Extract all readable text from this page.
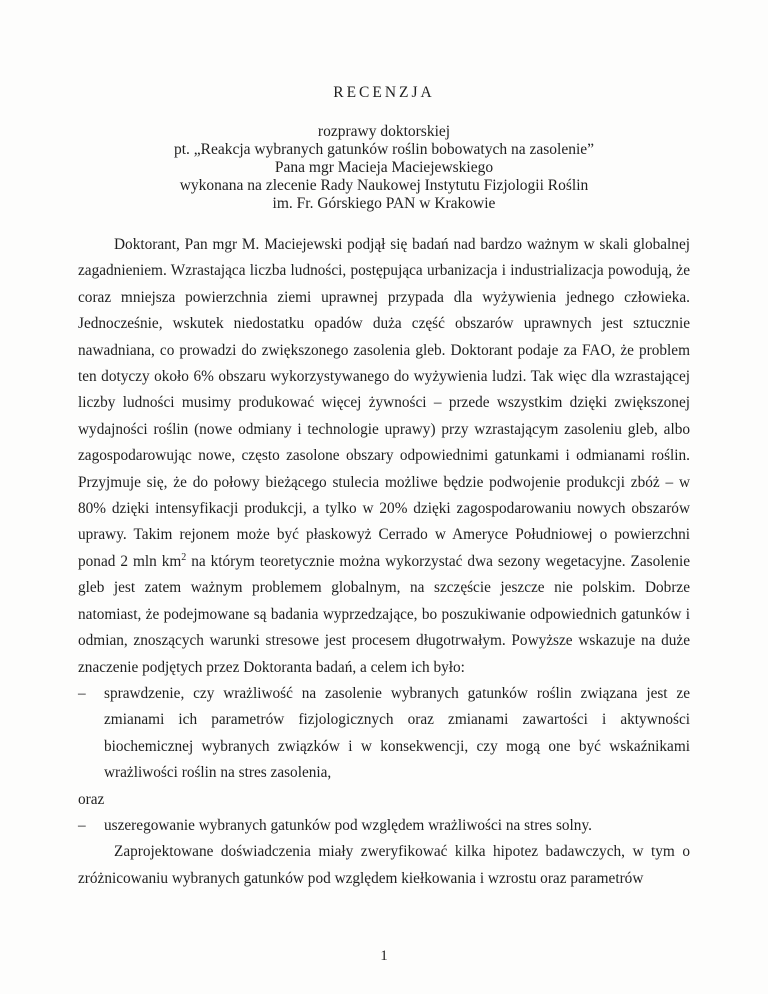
RECENZJA
rozprawy doktorskiej
pt. „Reakcja wybranych gatunków roślin bobowatych na zasolenie”
Pana mgr Macieja Maciejewskiego
wykonana na zlecenie Rady Naukowej Instytutu Fizjologii Roślin
im. Fr. Górskiego PAN w Krakowie

Doktorant, Pan mgr M. Maciejewski podjął się badań nad bardzo ważnym w skali globalnej zagadnieniem. Wzrastająca liczba ludności, postępująca urbanizacja i industrializacja powodują, że coraz mniejsza powierzchnia ziemi uprawnej przypada dla wyżywienia jednego człowieka. Jednocześnie, wskutek niedostatku opadów duża część obszarów uprawnych jest sztucznie nawadniana, co prowadzi do zwiększonego zasolenia gleb. Doktorant podaje za FAO, że problem ten dotyczy około 6% obszaru wykorzystywanego do wyżywienia ludzi. Tak więc dla wzrastającej liczby ludności musimy produkować więcej żywności – przede wszystkim dzięki zwiększonej wydajności roślin (nowe odmiany i technologie uprawy) przy wzrastającym zasoleniu gleb, albo zagospodarowując nowe, często zasolone obszary odpowiednimi gatunkami i odmianami roślin. Przyjmuje się, że do połowy bieżącego stulecia możliwe będzie podwojenie produkcji zbóż – w 80% dzięki intensyfikacji produkcji, a tylko w 20% dzięki zagospodarowaniu nowych obszarów uprawy. Takim rejonem może być płaskowyż Cerrado w Ameryce Południowej o powierzchni ponad 2 mln $km^2$ na którym teoretycznie można wykorzystać dwa sezony wegetacyjne. Zasolenie gleb jest zatem ważnym problemem globalnym, na szczęście jeszcze nie polskim. Dobrze natomiast, że podejmowane są badania wyprzedzające, bo poszukiwanie odpowiednich gatunków i odmian, znoszących warunki stresowe jest procesem długotrwałym. Powyższe wskazuje na duże znaczenie podjętych przez Doktoranta badań, a celem ich było:

– sprawdzenie, czy wrażliwość na zasolenie wybranych gatunków roślin związana jest ze zmianami ich parametrów fizjologicznych oraz zmianami zawartości i aktywności biochemicznej wybranych związków i w konsekwencji, czy mogą one być wskaźnikami wrażliwości roślin na stres zasolenia,

oraz

– uszeregowanie wybranych gatunków pod względem wrażliwości na stres solny.

Zaprojektowane doświadczenia miały zweryfikować kilka hipotez badawczych, w tym o zróżnicowaniu wybranych gatunków pod względem kiełkowania i wzrostu oraz parametrów

1
